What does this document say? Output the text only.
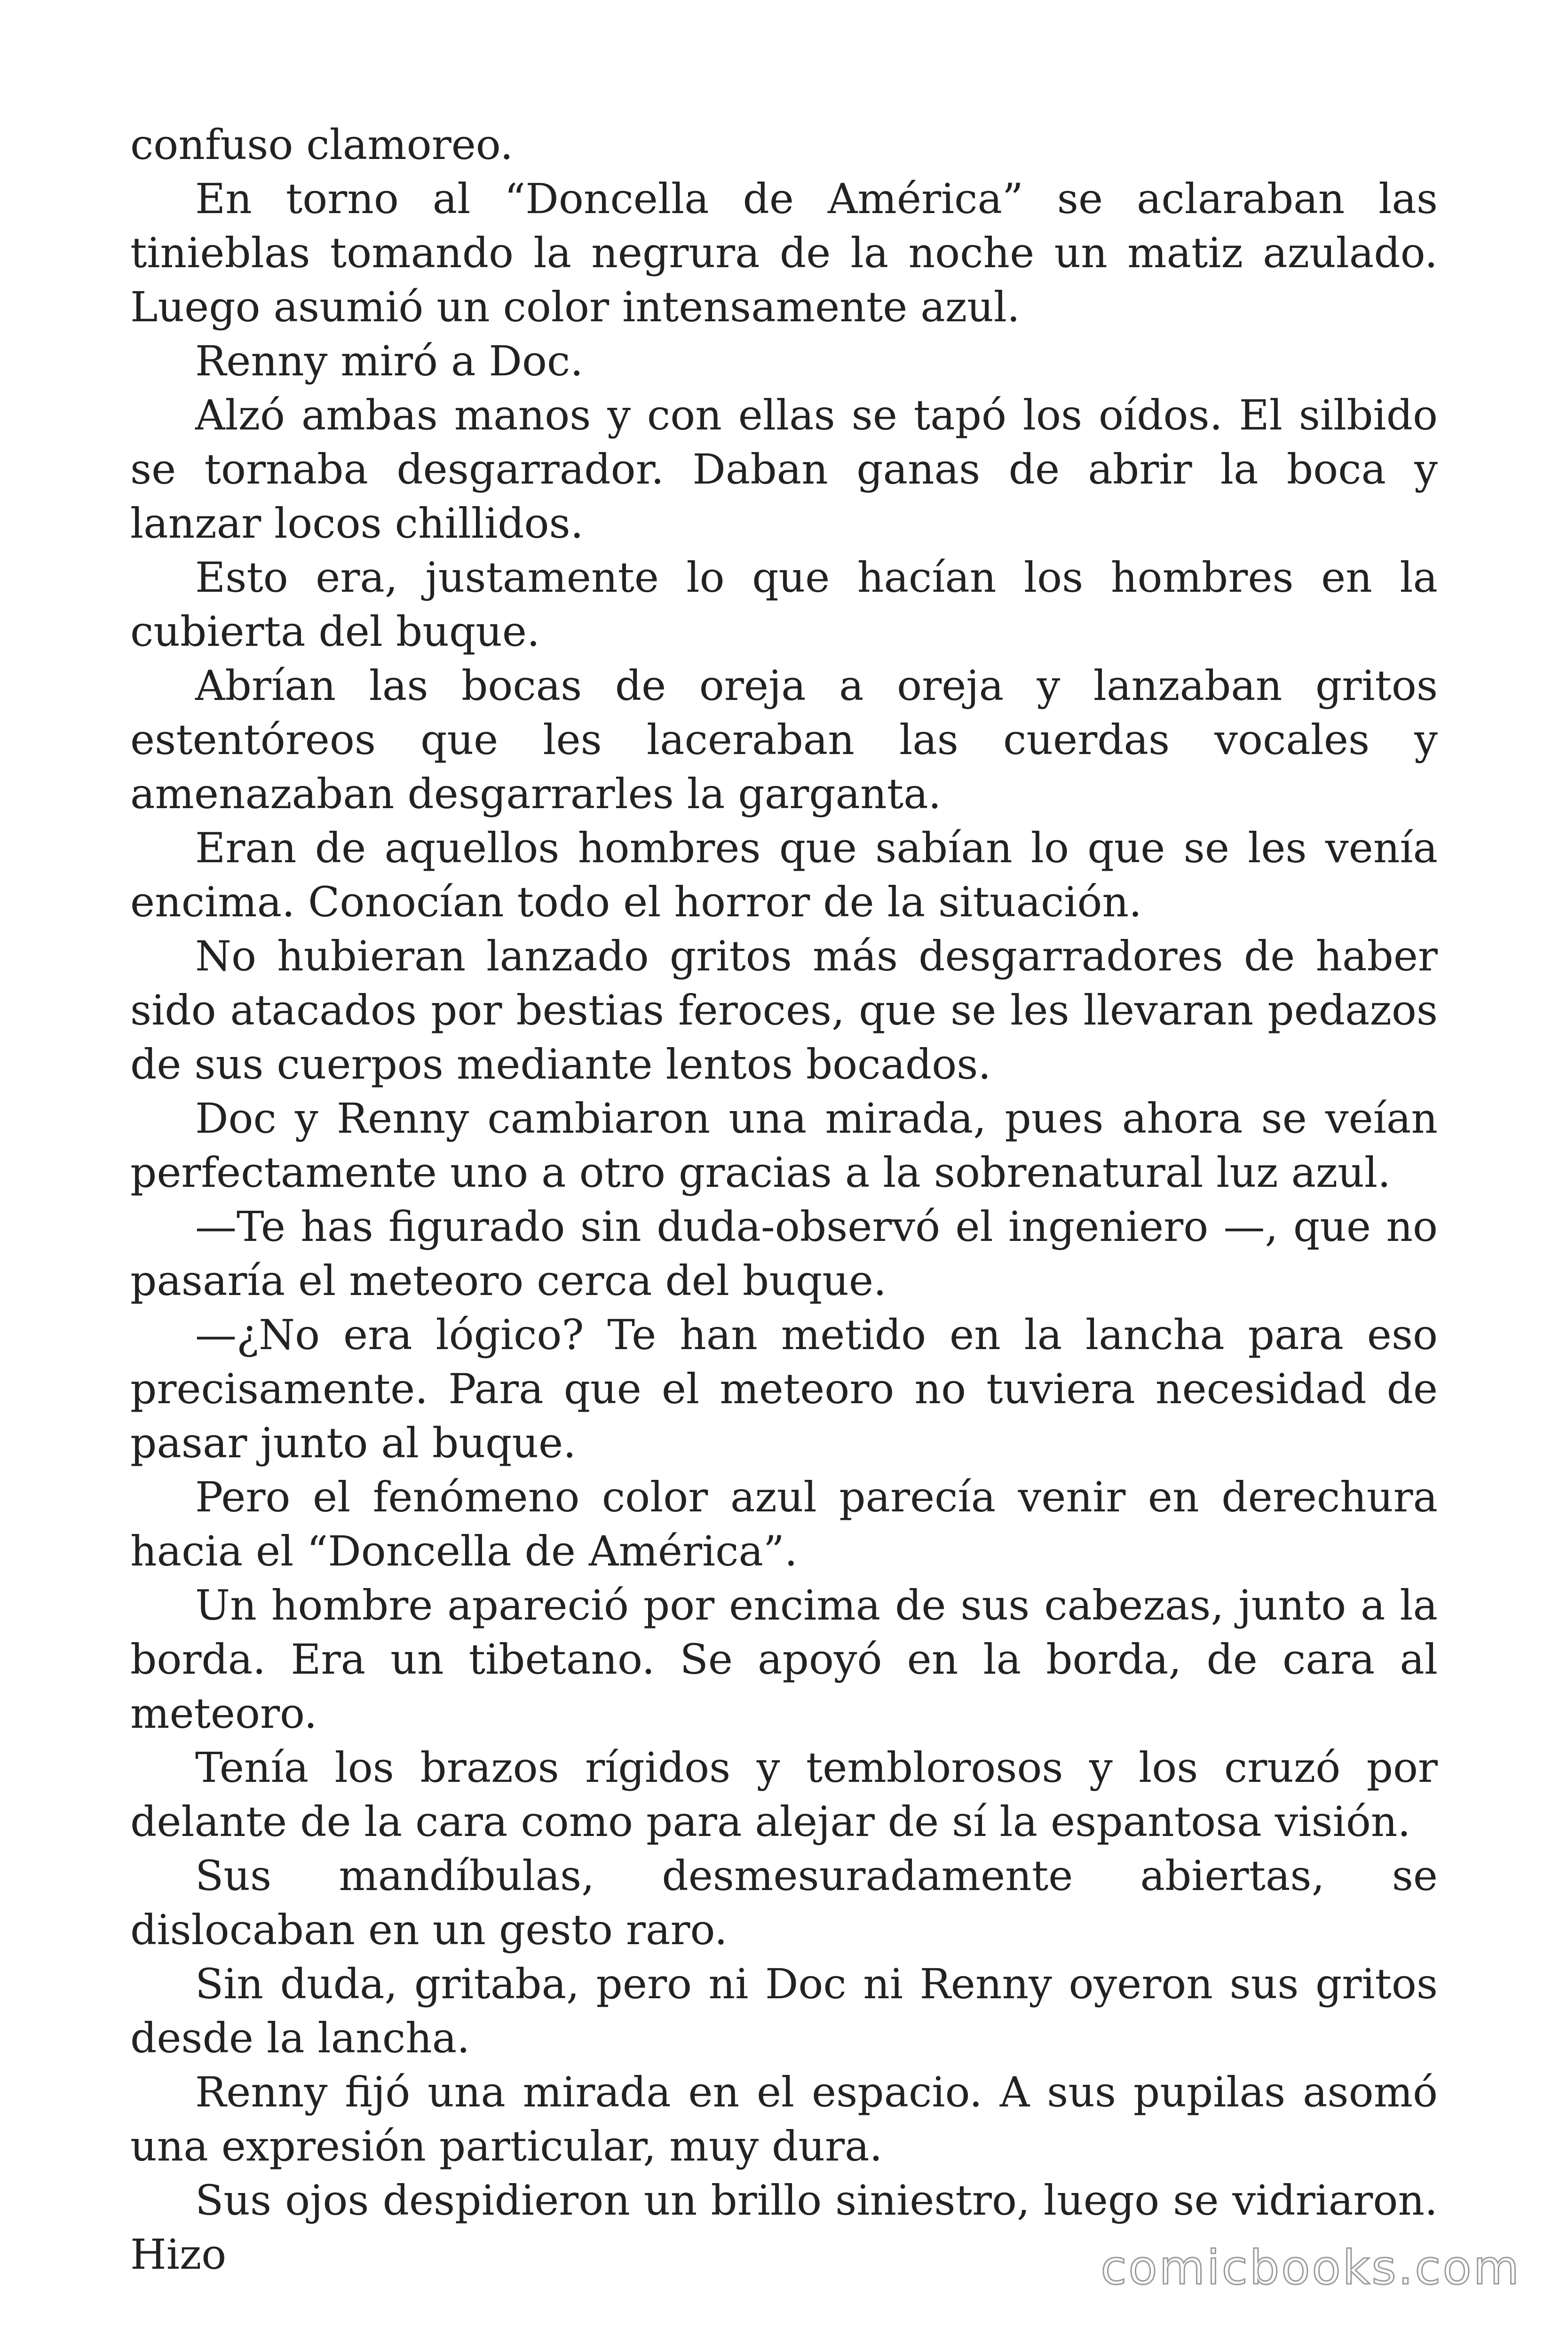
confuso clamoreo.

En torno al “Doncella de América” se aclaraban las tinieblas tomando la negrura de la noche un matiz azulado. Luego asumió un color intensamente azul.

Renny miró a Doc.

Alzó ambas manos y con ellas se tapó los oídos. El silbido se tornaba desgarrador. Daban ganas de abrir la boca y lanzar locos chillidos.

Esto era, justamente lo que hacían los hombres en la cubierta del buque.

Abrían las bocas de oreja a oreja y lanzaban gritos estentóreos que les laceraban las cuerdas vocales y amenazaban desgarrarles la garganta.

Eran de aquellos hombres que sabían lo que se les venía encima. Conocían todo el horror de la situación.

No hubieran lanzado gritos más desgarradores de haber sido atacados por bestias feroces, que se les llevaran pedazos de sus cuerpos mediante lentos bocados.

Doc y Renny cambiaron una mirada, pues ahora se veían perfectamente uno a otro gracias a la sobrenatural luz azul.

—Te has figurado sin duda-observó el ingeniero —, que no pasaría el meteoro cerca del buque.

—¿No era lógico? Te han metido en la lancha para eso precisamente. Para que el meteoro no tuviera necesidad de pasar junto al buque.

Pero el fenómeno color azul parecía venir en derechura hacia el “Doncella de América”.

Un hombre apareció por encima de sus cabezas, junto a la borda. Era un tibetano. Se apoyó en la borda, de cara al meteoro.

Tenía los brazos rígidos y temblorosos y los cruzó por delante de la cara como para alejar de sí la espantosa visión.

Sus mandíbulas, desmesuradamente abiertas, se dislocaban en un gesto raro.

Sin duda, gritaba, pero ni Doc ni Renny oyeron sus gritos desde la lancha.

Renny fijó una mirada en el espacio. A sus pupilas asomó una expresión particular, muy dura.

Sus ojos despidieron un brillo siniestro, luego se vidriaron. Hizo	comicbooks.com
